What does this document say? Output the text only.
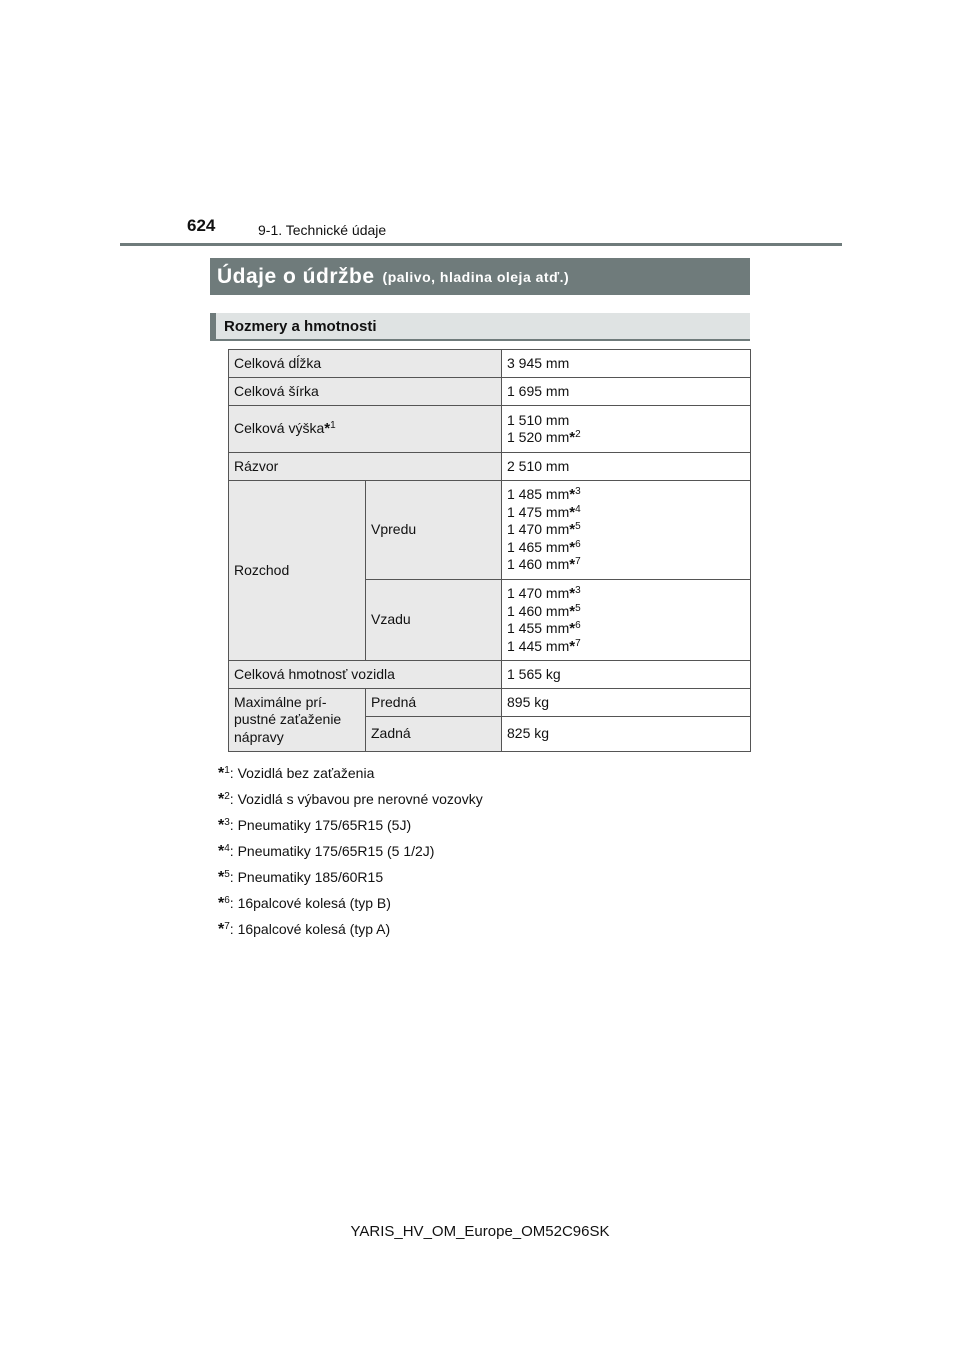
624	9-1. Technické údaje
Údaje o údržbe (palivo, hladina oleja atď.)
Rozmery a hmotnosti
Celková dĺžka		3 945 mm
Celková šírka		1 695 mm
Celková výška*$^1$		1 510 mm
1 520 mm*$^2$

Rázvor		2 510 mm
Rozchod	Vpredu	1 485 mm*$^3$
1 475 mm*$^4$
1 470 mm*$^5$
1 465 mm*$^6$
1 460 mm*$^7$

	Vzadu	1 470 mm*$^3$
1 460 mm*$^5$
1 455 mm*$^6$
1 445 mm*$^7$

Celková hmotnosť vozidla		1 565 kg

Maximálne prí-
pustné zaťaženie
nápravy	Predná	895 kg
	Zadná	825 kg
*$^1$ : Vozidlá bez zaťaženia
*$^2$ : Vozidlá s výbavou pre nerovné vozovky
*$^3$ : Pneumatiky 175/65R15 (5J)
*$^4$ : Pneumatiky 175/65R15 (5 1/2J)
*$^5$ : Pneumatiky 185/60R15
*$^6$ : 16palcové kolesá (typ B)
*$^7$ : 16palcové kolesá (typ A)
YARIS_HV_OM_Europe_OM52C96SK
